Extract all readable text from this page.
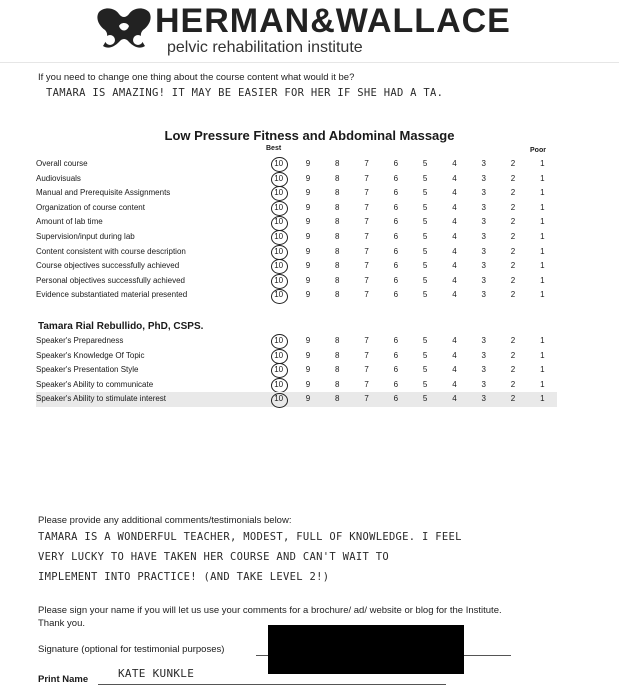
HERMAN&WALLACE
pelvic rehabilitation institute
If you need to change one thing about the course content what would it be?
TAMARA IS AMAZING! IT MAY BE EASIER FOR HER IF SHE HAD A TA.
Low Pressure Fitness and Abdominal Massage
Best	Poor
Overall course	10	9	8	7	6	5	4	3	2	1
Audiovisuals	10	9	8	7	6	5	4	3	2	1
Manual and Prerequisite Assignments	10	9	8	7	6	5	4	3	2	1
Organization of course content	10	9	8	7	6	5	4	3	2	1
Amount of lab time	10	9	8	7	6	5	4	3	2	1
Supervision/input during lab	10	9	8	7	6	5	4	3	2	1
Content consistent with course description	10	9	8	7	6	5	4	3	2	1
Course objectives successfully achieved	10	9	8	7	6	5	4	3	2	1
Personal objectives successfully achieved	10	9	8	7	6	5	4	3	2	1
Evidence substantiated material presented	10	9	8	7	6	5	4	3	2	1
Tamara Rial Rebullido, PhD, CSPS.
Speaker's Preparedness	10	9	8	7	6	5	4	3	2	1
Speaker's Knowledge Of Topic	10	9	8	7	6	5	4	3	2	1
Speaker's Presentation Style	10	9	8	7	6	5	4	3	2	1
Speaker's Ability to communicate	10	9	8	7	6	5	4	3	2	1
Speaker's Ability to stimulate interest	10	9	8	7	6	5	4	3	2	1
Please provide any additional comments/testimonials below:
TAMARA IS A WONDERFUL TEACHER, MODEST, FULL OF KNOWLEDGE. I FEEL
VERY LUCKY TO HAVE TAKEN HER COURSE AND CAN'T WAIT TO
IMPLEMENT INTO PRACTICE! (AND TAKE LEVEL 2!)
Please sign your name if you will let us use your comments for a brochure/ ad/ website or blog for the Institute.
Thank you.
Signature (optional for testimonial purposes)
Print Name	KATE KUNKLE
